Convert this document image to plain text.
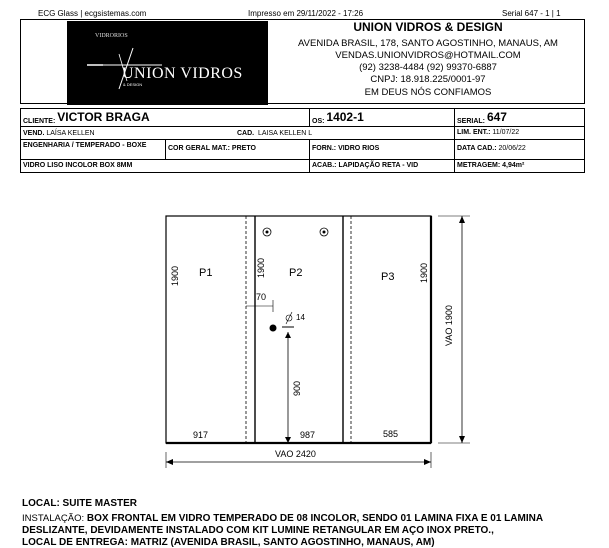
ECG Glass | ecgsistemas.com	Impresso em 29/11/2022 - 17:26	Serial 647 - 1 | 1
VIDRORIOS
UNION VIDROS
& DESIGN
UNION VIDROS & DESIGN
AVENIDA BRASIL, 178, SANTO AGOSTINHO, MANAUS, AM
VENDAS.UNIONVIDROS@HOTMAIL.COM
(92) 3238-4484 (92) 99370-6887
CNPJ: 18.918.225/0001-97
EM DEUS NÓS CONFIAMOS
CLIENTE: VICTOR BRAGA	OS: 1402-1	SERIAL: 647
VEND. LAÍSA KELLEN	CAD. LAISA KELLEN L	LIM. ENT.: 11/07/22
ENGENHARIA / TEMPERADO - BOXE	COR GERAL MAT.: PRETO	FORN.: VIDRO RIOS	DATA CAD.: 20/06/22
VIDRO LISO INCOLOR BOX 8MM	ACAB.: LAPIDAÇÃO RETA - VID	METRAGEM: 4,94m²
P1	P2	P3
1900	1900	1900
70
14
900
917	987	585
VAO 2420
VAO 1900
LOCAL: SUITE MASTER
INSTALAÇÃO: BOX FRONTAL EM VIDRO TEMPERADO DE 08 INCOLOR, SENDO 01 LAMINA FIXA E 01 LAMINA
DESLIZANTE, DEVIDAMENTE INSTALADO COM KIT LUMINE RETANGULAR EM AÇO INOX PRETO.,
LOCAL DE ENTREGA: MATRIZ (AVENIDA BRASIL, SANTO AGOSTINHO, MANAUS, AM)
